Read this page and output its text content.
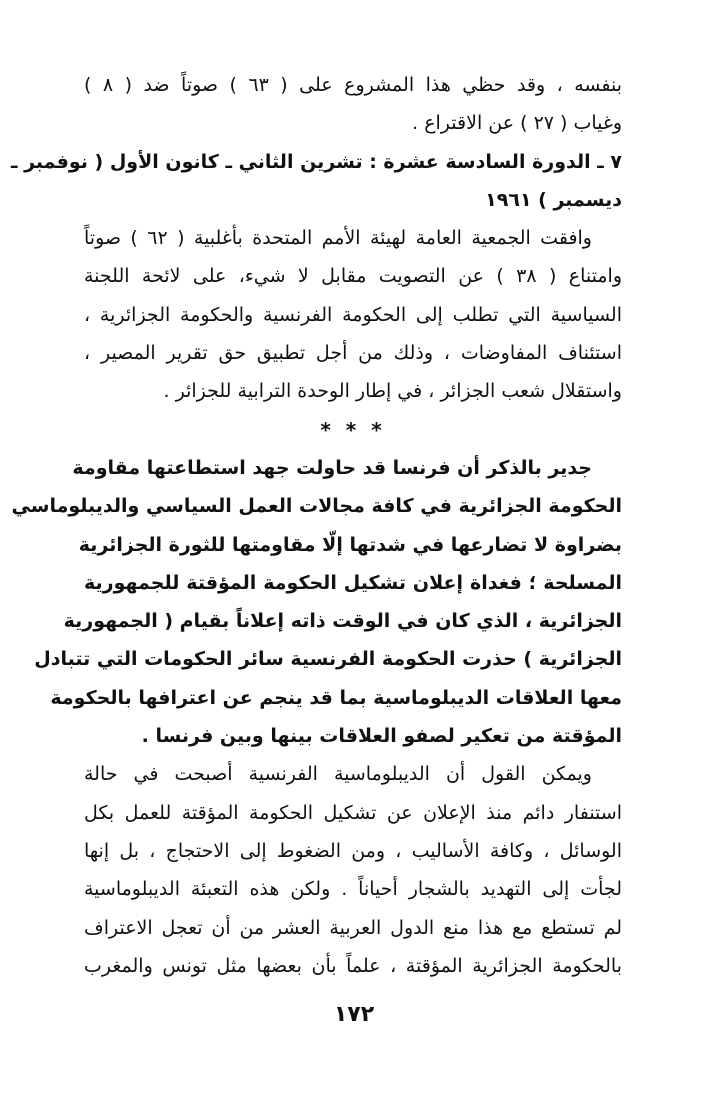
بنفسه ، وقد حظي هذا المشروع على ( ٦٣ ) صوتاً ضد ( ٨ )
وغياب ( ٢٧ ) عن الاقتراع .
٧ ـ الدورة السادسة عشرة : تشرين الثاني ـ كانون الأول ( نوفمبر ـ
ديسمبر ) ١٩٦١
وافقت الجمعية العامة لهيئة الأمم المتحدة بأغلبية ( ٦٢ ) صوتاً
وامتناع ( ٣٨ ) عن التصويت مقابل لا شيء، على لائحة اللجنة
السياسية التي تطلب إلى الحكومة الفرنسية والحكومة الجزائرية ،
استئناف المفاوضات ، وذلك من أجل تطبيق حق تقرير المصير ،
واستقلال شعب الجزائر ، في إطار الوحدة الترابية للجزائر .
* * *
جدير بالذكر أن فرنسا قد حاولت جهد استطاعتها مقاومة
الحكومة الجزائرية في كافة مجالات العمل السياسي والديبلوماسي
بضراوة لا تضارعها في شدتها إلّا مقاومتها للثورة الجزائرية
المسلحة ؛ فغداة إعلان تشكيل الحكومة المؤقتة للجمهورية
الجزائرية ، الذي كان في الوقت ذاته إعلاناً بقيام ( الجمهورية
الجزائرية ) حذرت الحكومة الفرنسية سائر الحكومات التي تتبادل
معها العلاقات الديبلوماسية بما قد ينجم عن اعترافها بالحكومة
المؤقتة من تعكير لصفو العلاقات بينها وبين فرنسا .
ويمكن القول أن الديبلوماسية الفرنسية أصبحت في حالة
استنفار دائم منذ الإعلان عن تشكيل الحكومة المؤقتة للعمل بكل
الوسائل ، وكافة الأساليب ، ومن الضغوط إلى الاحتجاج ، بل إنها
لجأت إلى التهديد بالشجار أحياناً . ولكن هذه التعبئة الديبلوماسية
لم تستطع مع هذا منع الدول العربية العشر من أن تعجل الاعتراف
بالحكومة الجزائرية المؤقتة ، علماً بأن بعضها مثل تونس والمغرب
١٧٢
